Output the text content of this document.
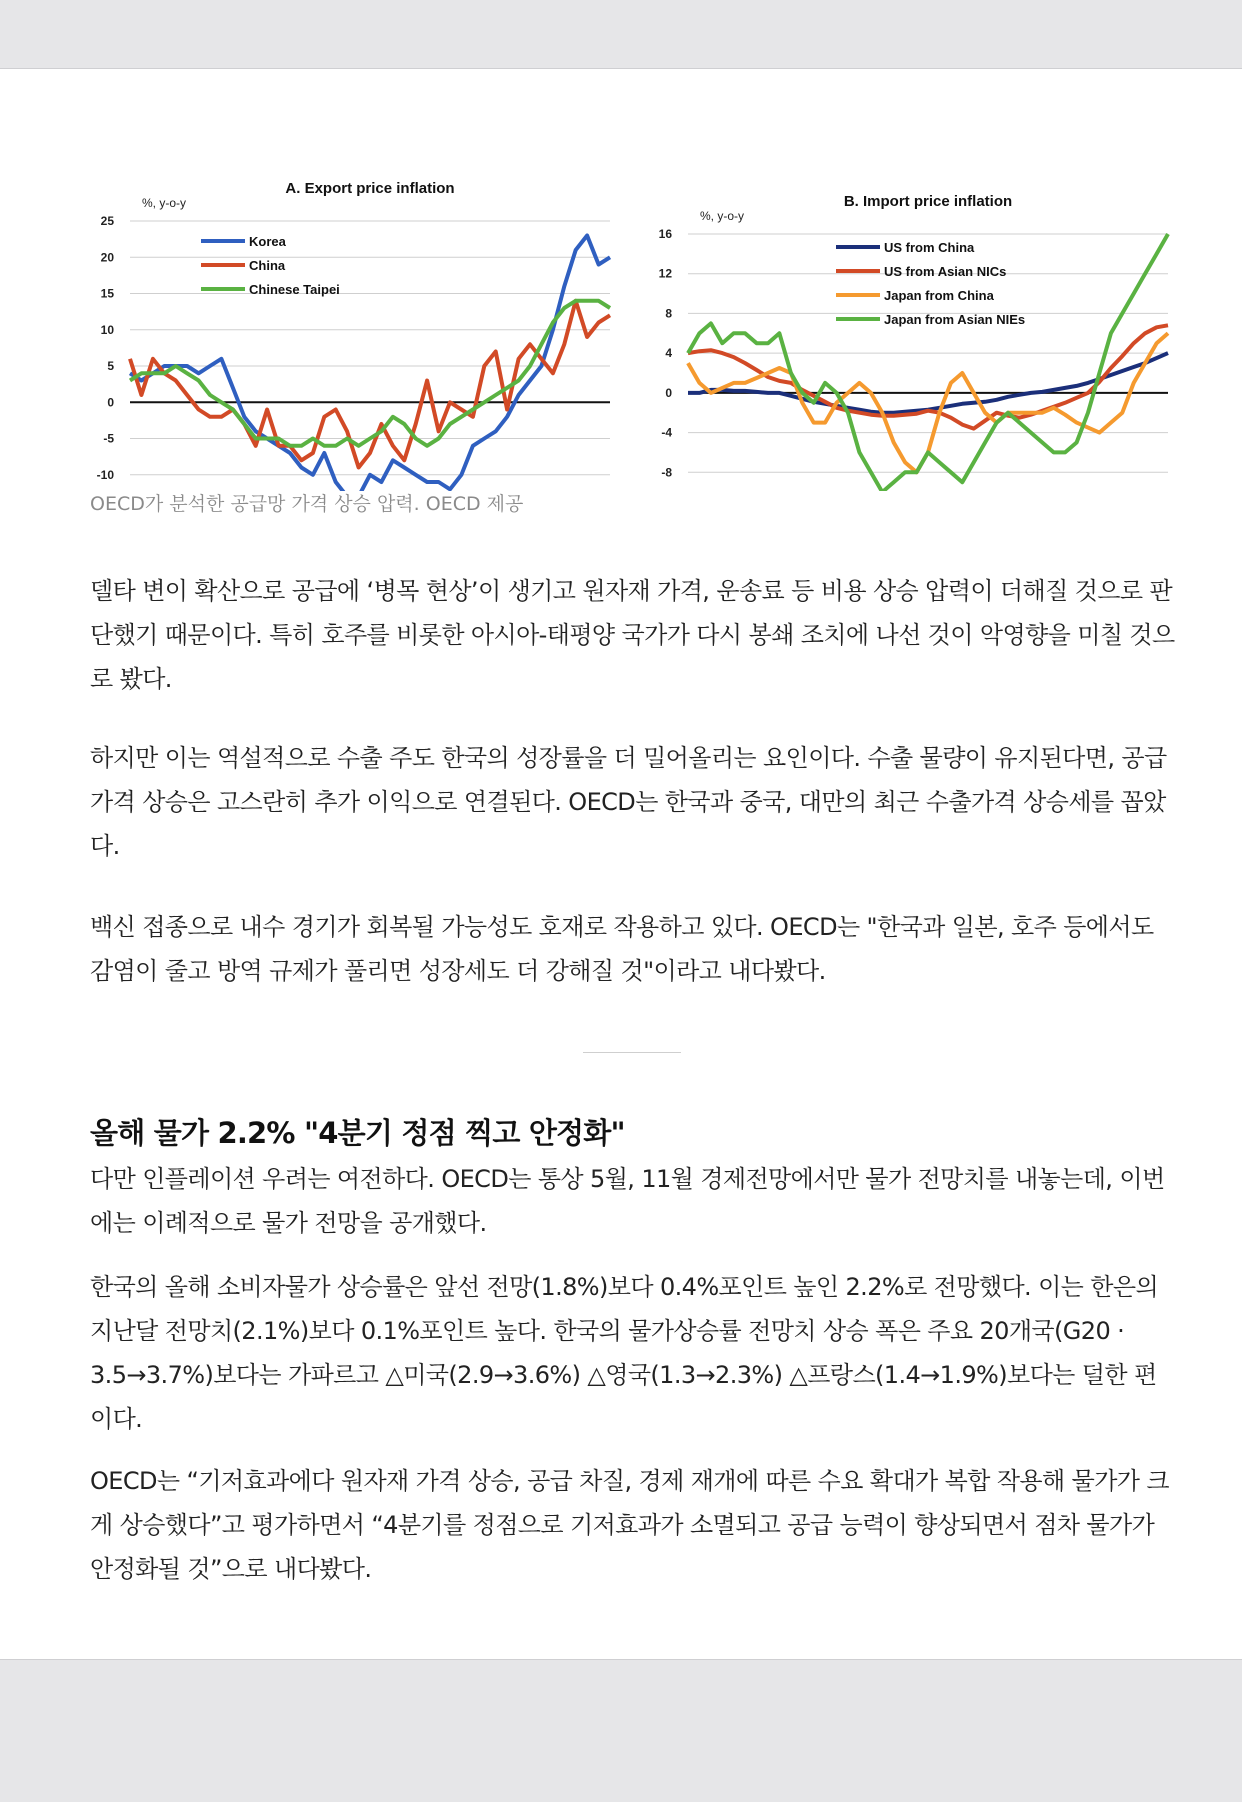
25
20
15
10
5
0
-5
-10
A. Export price inflation
%, y-o-y
Korea
China
Chinese Taipei
16
12
8
4
0
-4
-8
B. Import price inflation
%, y-o-y
US from China
US from Asian NICs
Japan from China
Japan from Asian NIEs

OECD가 분석한 공급망 가격 상승 압력. OECD 제공

델타 변이 확산으로 공급에 ‘병목 현상’이 생기고 원자재 가격, 운송료 등 비용 상승 압력이 더해질 것으로 판단했기 때문이다. 특히 호주를 비롯한 아시아-태평양 국가가 다시 봉쇄 조치에 나선 것이 악영향을 미칠 것으로 봤다.

하지만 이는 역설적으로 수출 주도 한국의 성장률을 더 밀어올리는 요인이다. 수출 물량이 유지된다면, 공급가격 상승은 고스란히 추가 이익으로 연결된다. OECD는 한국과 중국, 대만의 최근 수출가격 상승세를 꼽았다.

백신 접종으로 내수 경기가 회복될 가능성도 호재로 작용하고 있다. OECD는 "한국과 일본, 호주 등에서도 감염이 줄고 방역 규제가 풀리면 성장세도 더 강해질 것"이라고 내다봤다.

올해 물가 2.2% "4분기 정점 찍고 안정화"

다만 인플레이션 우려는 여전하다. OECD는 통상 5월, 11월 경제전망에서만 물가 전망치를 내놓는데, 이번에는 이례적으로 물가 전망을 공개했다.

한국의 올해 소비자물가 상승률은 앞선 전망(1.8%)보다 0.4%포인트 높인 2.2%로 전망했다. 이는 한은의 지난달 전망치(2.1%)보다 0.1%포인트 높다. 한국의 물가상승률 전망치 상승 폭은 주요 20개국(G20 · 3.5→3.7%)보다는 가파르고 △미국(2.9→3.6%) △영국(1.3→2.3%) △프랑스(1.4→1.9%)보다는 덜한 편이다.

OECD는 “기저효과에다 원자재 가격 상승, 공급 차질, 경제 재개에 따른 수요 확대가 복합 작용해 물가가 크게 상승했다”고 평가하면서 “4분기를 정점으로 기저효과가 소멸되고 공급 능력이 향상되면서 점차 물가가 안정화될 것”으로 내다봤다.
